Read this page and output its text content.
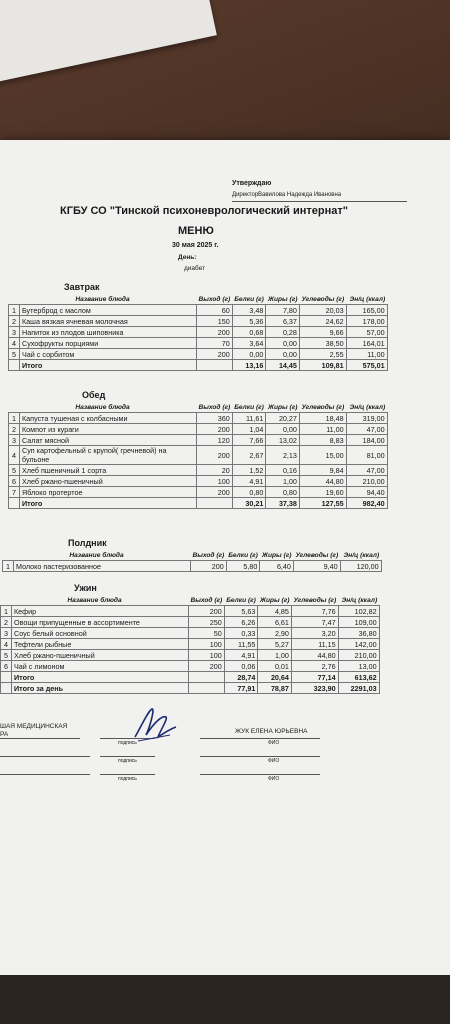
Утверждаю
Директор Вавилова Надежда Ивановна
КГБУ СО "Тинской психоневрологический интернат"
МЕНЮ
30 мая 2025 г.
День:
диабет
Завтрак
Название блюда		Выход (г)	Белки (г)	Жиры (г)	Углеводы (г)	Эн/ц (ккал)
1	Бутерброд с маслом	60	3,48	7,80	20,03	165,00
2	Каша вязкая ячневая молочная	150	5,36	6,37	24,62	178,00
3	Напиток из плодов шиповника	200	0,68	0,28	9,66	57,00
4	Сухофрукты порциями	70	3,64	0,00	38,50	164,01
5	Чай с сорбитом	200	0,00	0,00	2,55	11,00
	Итого		13,16	14,45	109,81	575,01
Обед
Название блюда		Выход (г)	Белки (г)	Жиры (г)	Углеводы (г)	Эн/ц (ккал)
1	Капуста тушеная с колбасными	360	11,61	20,27	18,48	319,00
2	Компот из кураги	200	1,04	0,00	11,00	47,00
3	Салат мясной	120	7,66	13,02	8,83	184,00
4	Суп картофельный с крупой( гречневой) на бульоне	200	2,67	2,13	15,00	81,00
5	Хлеб пшеничный 1 сорта	20	1,52	0,16	9,84	47,00
6	Хлеб ржано-пшеничный	100	4,91	1,00	44,80	210,00
7	Яблоко протертое	200	0,80	0,80	19,60	94,40
	Итого		30,21	37,38	127,55	982,40
Полдник
Название блюда		Выход (г)	Белки (г)	Жиры (г)	Углеводы (г)	Эн/ц (ккал)
1	Молоко пастеризованное	200	5,80	6,40	9,40	120,00
Ужин
Название блюда		Выход (г)	Белки (г)	Жиры (г)	Углеводы (г)	Эн/ц (ккал)
1	Кефир	200	5,63	4,85	7,76	102,82
2	Овощи припущенные в ассортименте	250	6,26	6,61	7,47	109,00
3	Соус белый основной	50	0,33	2,90	3,20	36,80
4	Тефтели рыбные	100	11,55	5,27	11,15	142,00
5	Хлеб ржано-пшеничный	100	4,91	1,00	44,80	210,00
6	Чай с лимоном	200	0,06	0,01	2,76	13,00
	Итого		28,74	20,64	77,14	613,62
	Итого за день		77,91	78,87	323,90	2291,03
ШАЯ МЕДИЦИНСКАЯ
РА	ЖУК ЕЛЕНА ЮРЬЕВНА
подпись	ФИО
подпись	ФИО
подпись	ФИО
